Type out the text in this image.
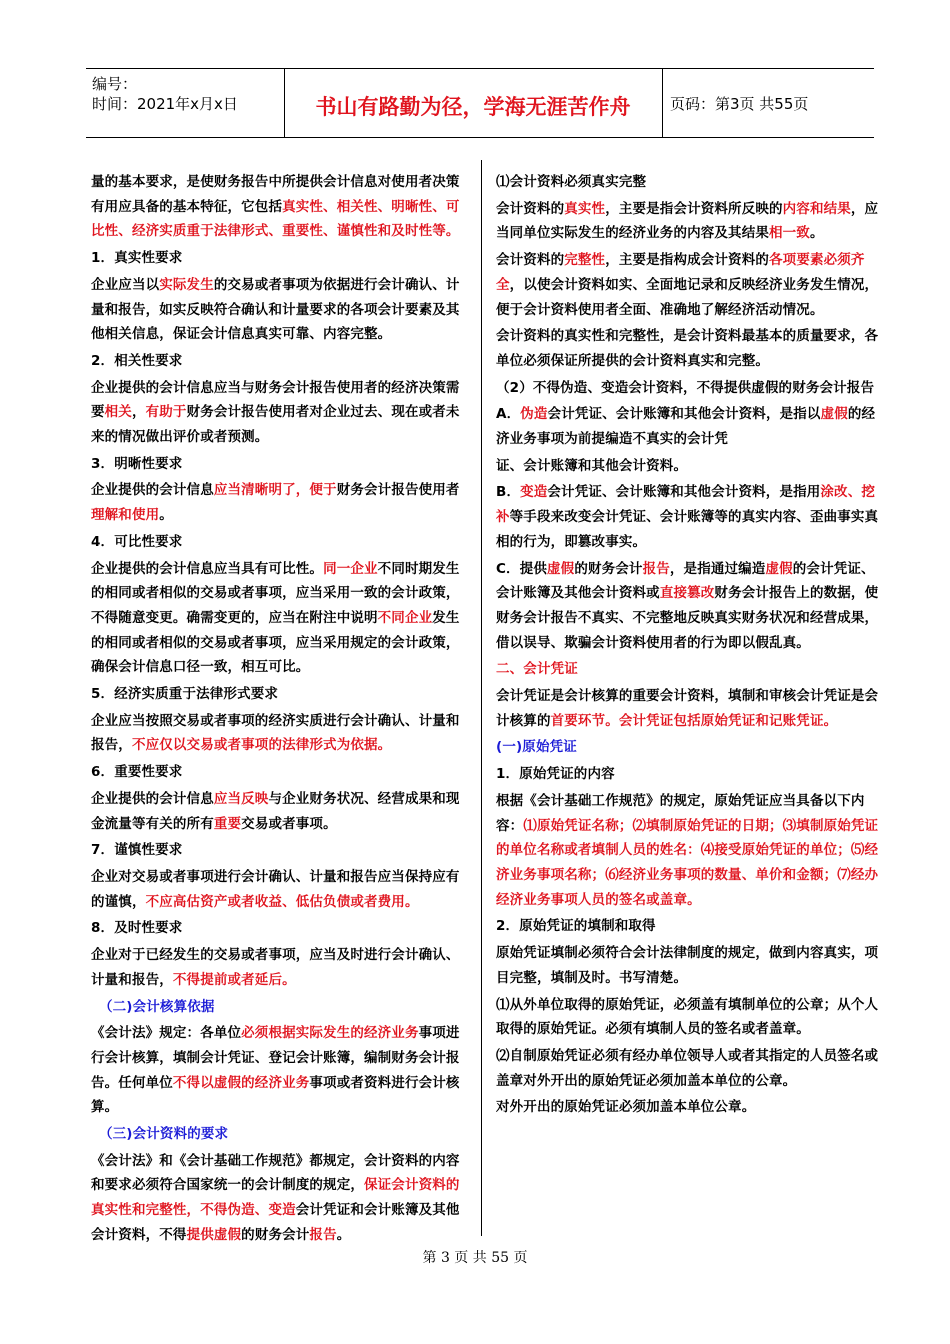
编号：
时间：2021年x月x日	书山有路勤为径，学海无涯苦作舟	页码：第3页 共55页

量的基本要求，是使财务报告中所提供会计信息对使用者决策有用应具备的基本特征，它包括真实性、相关性、明晰性、可比性、经济实质重于法律形式、重要性、谨慎性和及时性等。

1．真实性要求

企业应当以实际发生的交易或者事项为依据进行会计确认、计量和报告，如实反映符合确认和计量要求的各项会计要素及其他相关信息，保证会计信息真实可靠、内容完整。

2．相关性要求

企业提供的会计信息应当与财务会计报告使用者的经济决策需要相关，有助于财务会计报告使用者对企业过去、现在或者未来的情况做出评价或者预测。

3．明晰性要求

企业提供的会计信息应当清晰明了，便于财务会计报告使用者理解和使用。

4．可比性要求

企业提供的会计信息应当具有可比性。同一企业不同时期发生的相同或者相似的交易或者事项，应当采用一致的会计政策，不得随意变更。确需变更的，应当在附注中说明不同企业发生的相同或者相似的交易或者事项，应当采用规定的会计政策，确保会计信息口径一致，相互可比。

5．经济实质重于法律形式要求

企业应当按照交易或者事项的经济实质进行会计确认、计量和报告，不应仅以交易或者事项的法律形式为依据。

6．重要性要求

企业提供的会计信息应当反映与企业财务状况、经营成果和现金流量等有关的所有重要交易或者事项。

7．谨慎性要求

企业对交易或者事项进行会计确认、计量和报告应当保持应有的谨慎，不应高估资产或者收益、低估负债或者费用。

8．及时性要求

企业对于已经发生的交易或者事项，应当及时进行会计确认、计量和报告，不得提前或者延后。

（二)会计核算依据

《会计法》规定：各单位必须根据实际发生的经济业务事项进行会计核算，填制会计凭证、登记会计账簿，编制财务会计报告。任何单位不得以虚假的经济业务事项或者资料进行会计核算。

（三)会计资料的要求

《会计法》和《会计基础工作规范》都规定，会计资料的内容和要求必须符合国家统一的会计制度的规定，保证会计资料的真实性和完整性，不得伪造、变造会计凭证和会计账簿及其他会计资料，不得提供虚假的财务会计报告。

⑴会计资料必须真实完整

会计资料的真实性，主要是指会计资料所反映的内容和结果，应当同单位实际发生的经济业务的内容及其结果相一致。

会计资料的完整性，主要是指构成会计资料的各项要素必须齐全，以使会计资料如实、全面地记录和反映经济业务发生情况，便于会计资料使用者全面、准确地了解经济活动情况。

会计资料的真实性和完整性，是会计资料最基本的质量要求，各单位必须保证所提供的会计资料真实和完整。

（2）不得伪造、变造会计资料，不得提供虚假的财务会计报告

A．伪造会计凭证、会计账簿和其他会计资料，是指以虚假的经济业务事项为前提编造不真实的会计凭

证、会计账簿和其他会计资料。

B．变造会计凭证、会计账簿和其他会计资料，是指用涂改、挖补等手段来改变会计凭证、会计账簿等的真实内容、歪曲事实真相的行为，即篡改事实。

C．提供虚假的财务会计报告，是指通过编造虚假的会计凭证、会计账簿及其他会计资料或直接篡改财务会计报告上的数据，使财务会计报告不真实、不完整地反映真实财务状况和经营成果，借以误导、欺骗会计资料使用者的行为即以假乱真。

二、会计凭证

会计凭证是会计核算的重要会计资料，填制和审核会计凭证是会计核算的首要环节。会计凭证包括原始凭证和记账凭证。

(一)原始凭证

1．原始凭证的内容

根据《会计基础工作规范》的规定，原始凭证应当具备以下内容：⑴原始凭证名称；⑵填制原始凭证的日期；⑶填制原始凭证的单位名称或者填制人员的姓名：⑷接受原始凭证的单位；⑸经济业务事项名称；⑹经济业务事项的数量、单价和金额；⑺经办经济业务事项人员的签名或盖章。

2．原始凭证的填制和取得

原始凭证填制必须符合会计法律制度的规定，做到内容真实，项目完整，填制及时。书写清楚。

⑴从外单位取得的原始凭证，必须盖有填制单位的公章；从个人取得的原始凭证。必须有填制人员的签名或者盖章。

⑵自制原始凭证必须有经办单位领导人或者其指定的人员签名或盖章对外开出的原始凭证必须加盖本单位的公章。

对外开出的原始凭证必须加盖本单位公章。

第 3 页 共 55 页
